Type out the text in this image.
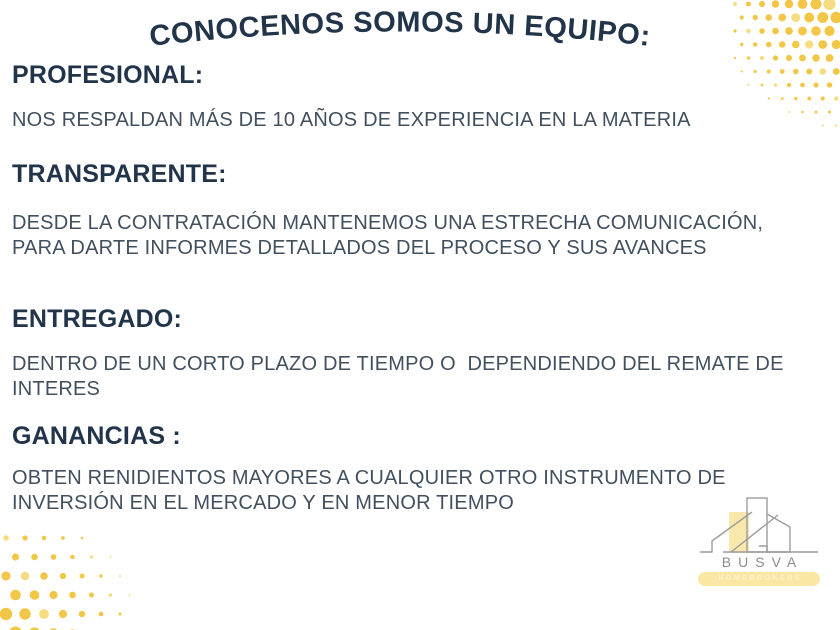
CONOCENOS SOMOS UN EQUIPO:
PROFESIONAL:
NOS RESPALDAN MÁS DE 10 AÑOS DE EXPERIENCIA EN LA MATERIA
TRANSPARENTE:
DESDE LA CONTRATACIÓN MANTENEMOS UNA ESTRECHA COMUNICACIÓN,
PARA DARTE INFORMES DETALLADOS DEL PROCESO Y SUS AVANCES
ENTREGADO:
DENTRO DE UN CORTO PLAZO DE TIEMPO O  DEPENDIENDO DEL REMATE DE
INTERES
GANANCIAS :
OBTEN RENIDIENTOS MAYORES A CUALQUIER OTRO INSTRUMENTO DE
INVERSIÓN EN EL MERCADO Y EN MENOR TIEMPO
BUSVA
HOMEBROKERS
